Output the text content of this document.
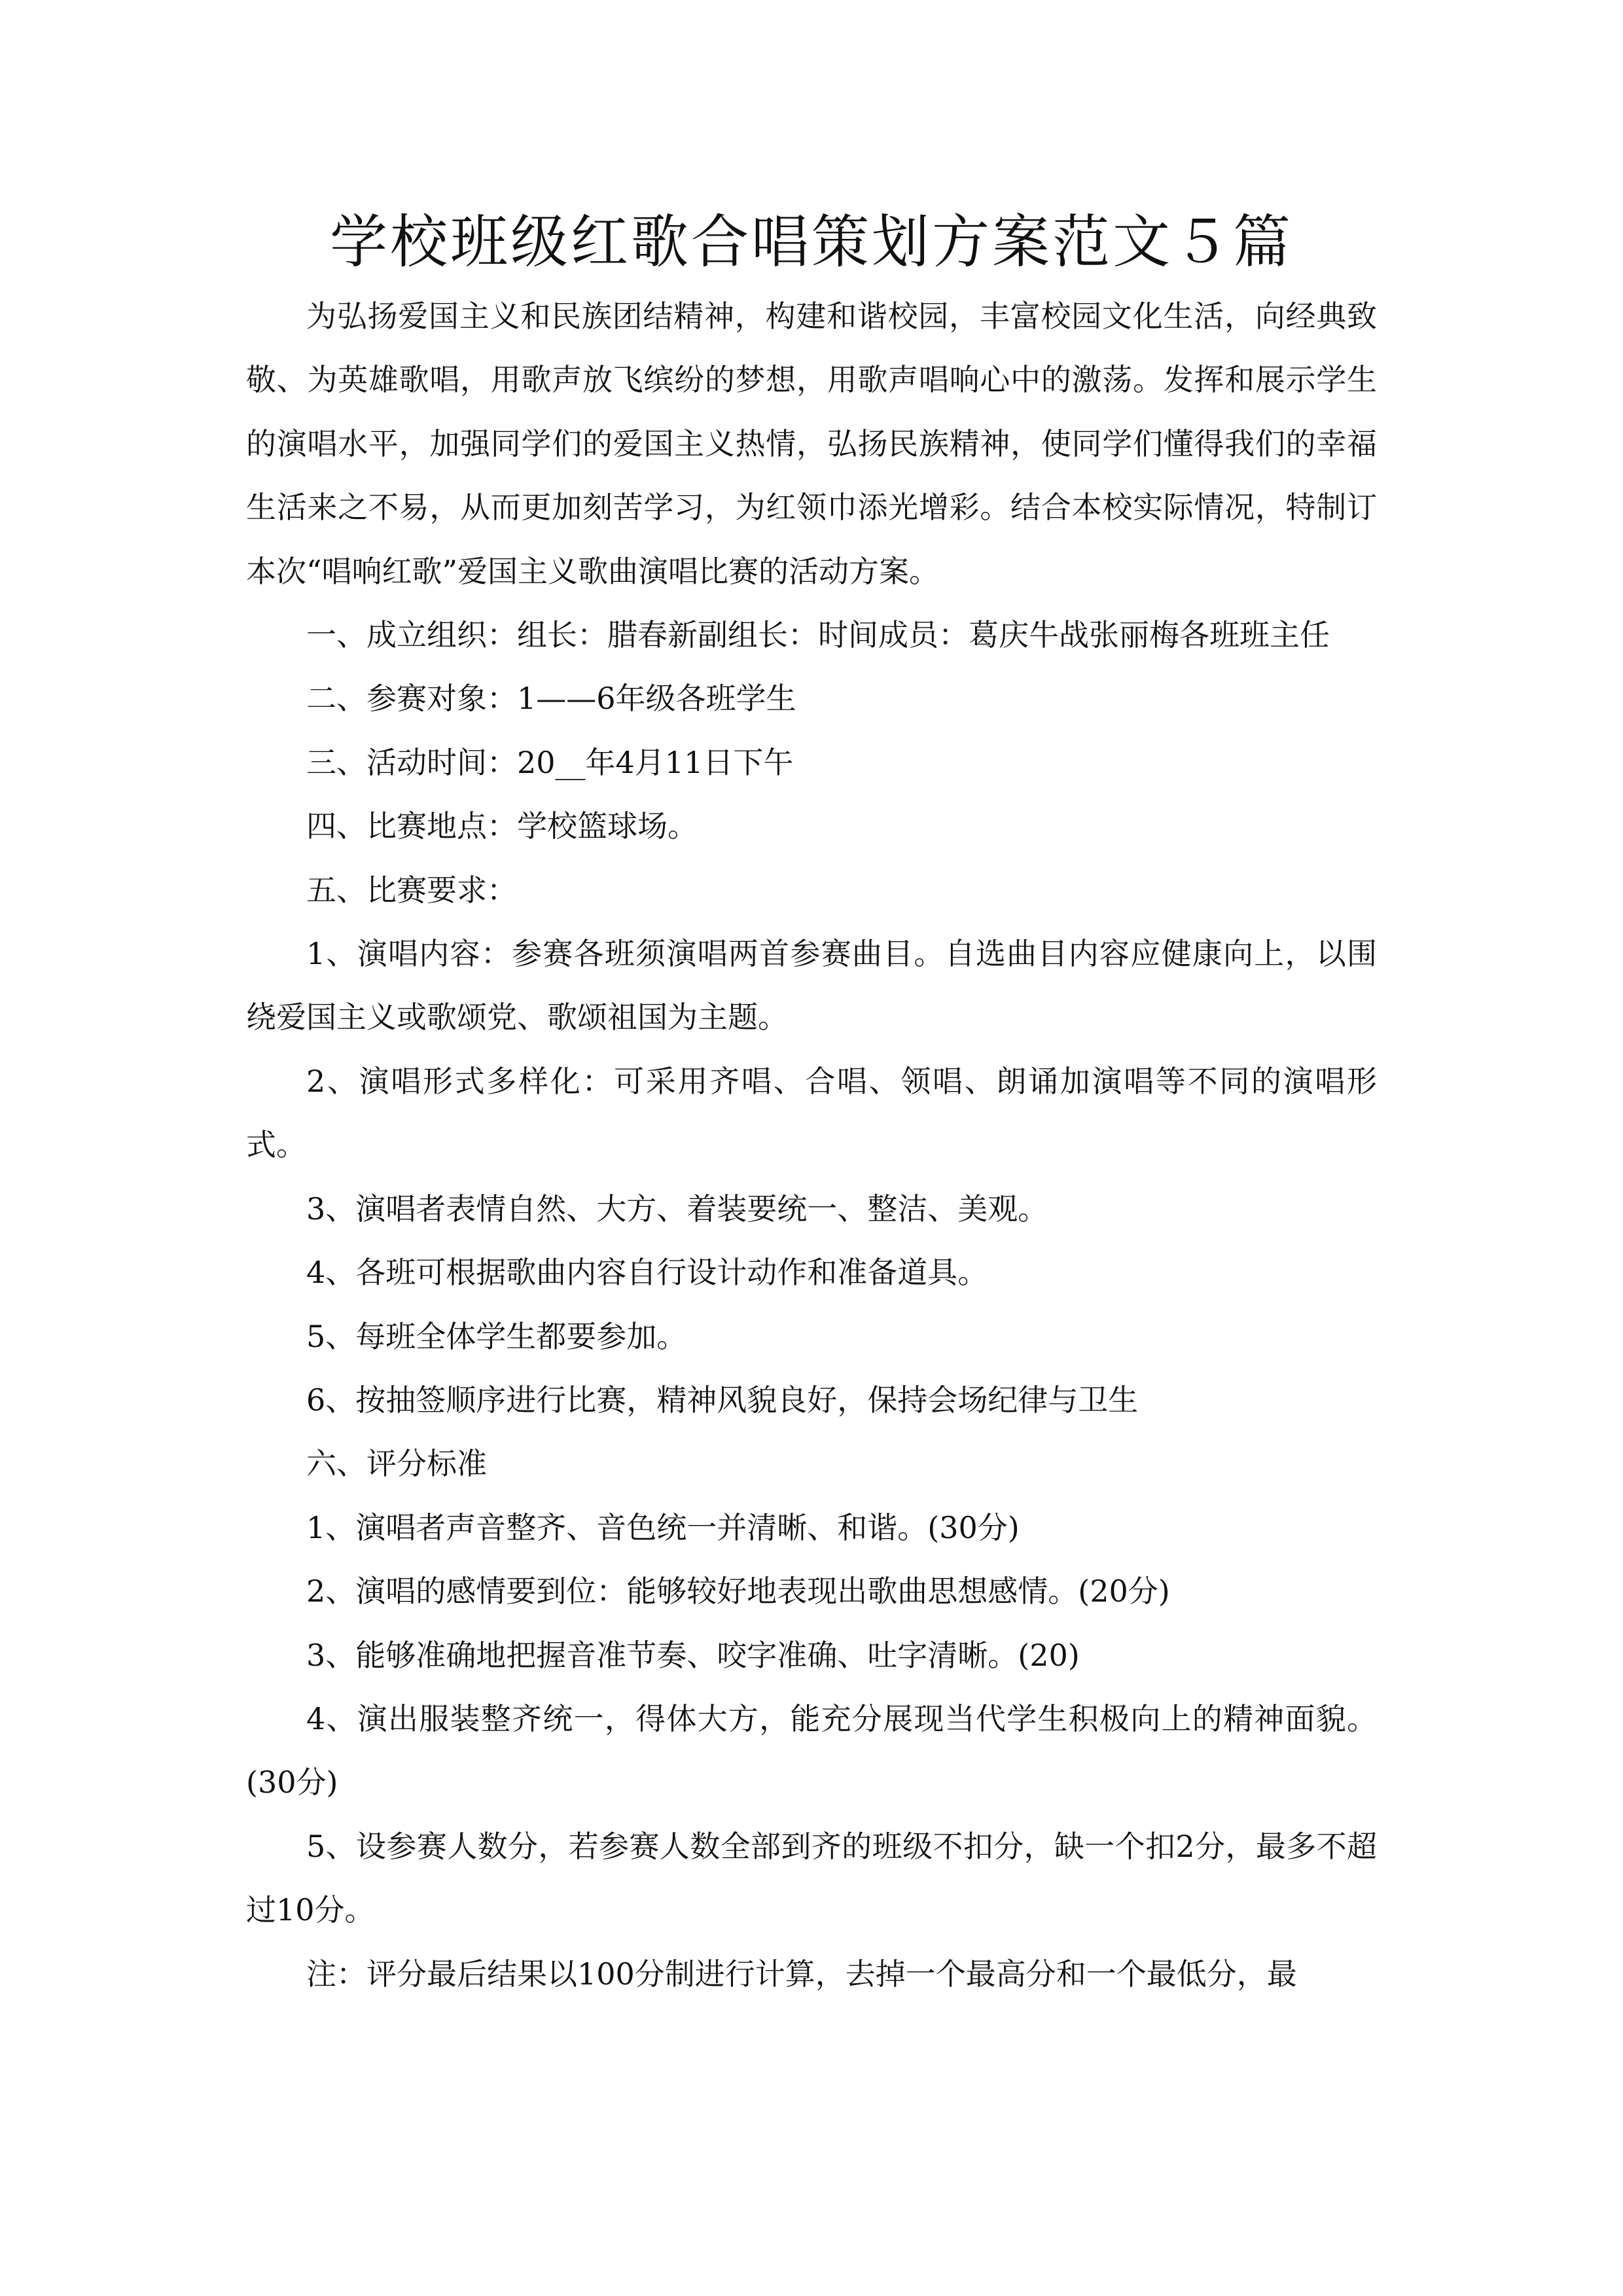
学校班级红歌合唱策划方案范文５篇

为弘扬爱国主义和民族团结精神，构建和谐校园，丰富校园文化生活，向经典致敬、为英雄歌唱，用歌声放飞缤纷的梦想，用歌声唱响心中的激荡。发挥和展示学生的演唱水平，加强同学们的爱国主义热情，弘扬民族精神，使同学们懂得我们的幸福生活来之不易，从而更加刻苦学习，为红领巾添光增彩。结合本校实际情况，特制订本次“唱响红歌”爱国主义歌曲演唱比赛的活动方案。

一、成立组织：组长：腊春新副组长：时间成员：葛庆牛战张丽梅各班班主任

二、参赛对象：1——6年级各班学生

三、活动时间：20__年4月11日下午

四、比赛地点：学校篮球场。

五、比赛要求：

1、演唱内容：参赛各班须演唱两首参赛曲目。自选曲目内容应健康向上，以围绕爱国主义或歌颂党、歌颂祖国为主题。

2、演唱形式多样化：可采用齐唱、合唱、领唱、朗诵加演唱等不同的演唱形式。

3、演唱者表情自然、大方、着装要统一、整洁、美观。

4、各班可根据歌曲内容自行设计动作和准备道具。

5、每班全体学生都要参加。

6、按抽签顺序进行比赛，精神风貌良好，保持会场纪律与卫生

六、评分标准

1、演唱者声音整齐、音色统一并清晰、和谐。(30分)

2、演唱的感情要到位：能够较好地表现出歌曲思想感情。(20分)

3、能够准确地把握音准节奏、咬字准确、吐字清晰。(20)

4、演出服装整齐统一，得体大方，能充分展现当代学生积极向上的精神面貌。(30分)

5、设参赛人数分，若参赛人数全部到齐的班级不扣分，缺一个扣2分，最多不超过10分。

注：评分最后结果以100分制进行计算，去掉一个最高分和一个最低分，最
